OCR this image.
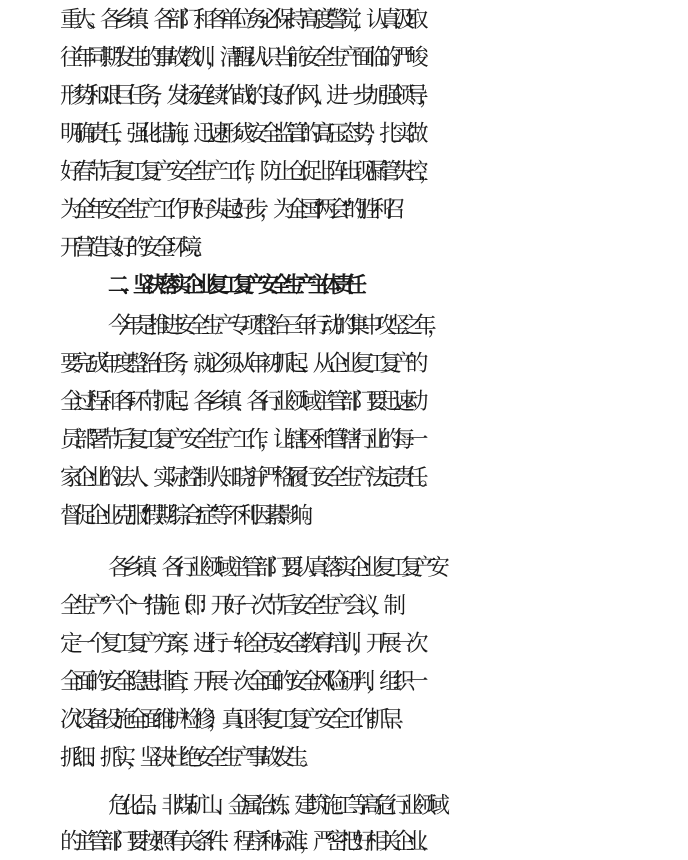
重大。各乡镇、各部门和各单位务必保持高度警觉，认真汲取
往年同期发生的事故教训，清醒认识当前安全生产面临的严峻
形势和艰巨任务，发扬连续作战的良好作风，进一步加强领导，
明确责任，强化措施，迅速形成安全监管的高压态势，扎实做
好春节后复工复产安全生产工作，防止仓促上阵出现漏管失控，
为全年安全生产工作开好头起好步，为全国“两会”的胜利召
开营造良好的安全环境。
二、坚决落实企业复工复产安全生产主体责任
今年是推进安全生产专项整治三年行动的集中攻坚之年，
要完成年度整治任务，就必须从年初抓起、从企业复工复产的
全过程和各环节抓起。各乡镇、各行业领域主管部门要迅速动
员部署节后复工复产安全生产工作，让辖区和管辖行业的每一
家企业的法人、实际控制人知晓并严格履行安全生产法定责任。
督促企业克服“假期综合症”等不利因素影响。
各乡镇、各行业领域主管部门要认真落实企业复工复产安
全生产“六个一”措施（即：开好一次节后安全生产会议，制
定一个复工复产方案，进行一轮全员安全教育培训，开展一次
全面的安全隐患排查，开展一次全面的安全风险研判，组织一
次设备设施全面维护检修），真正将复工复产安全工作抓早、
抓细、抓实，坚决杜绝安全生产事故发生。
危化品、非煤矿山、金属冶炼、建筑施工等高危行业领域
的主管部门要按照有关条件、程序和标准，严密把好相关企业、
